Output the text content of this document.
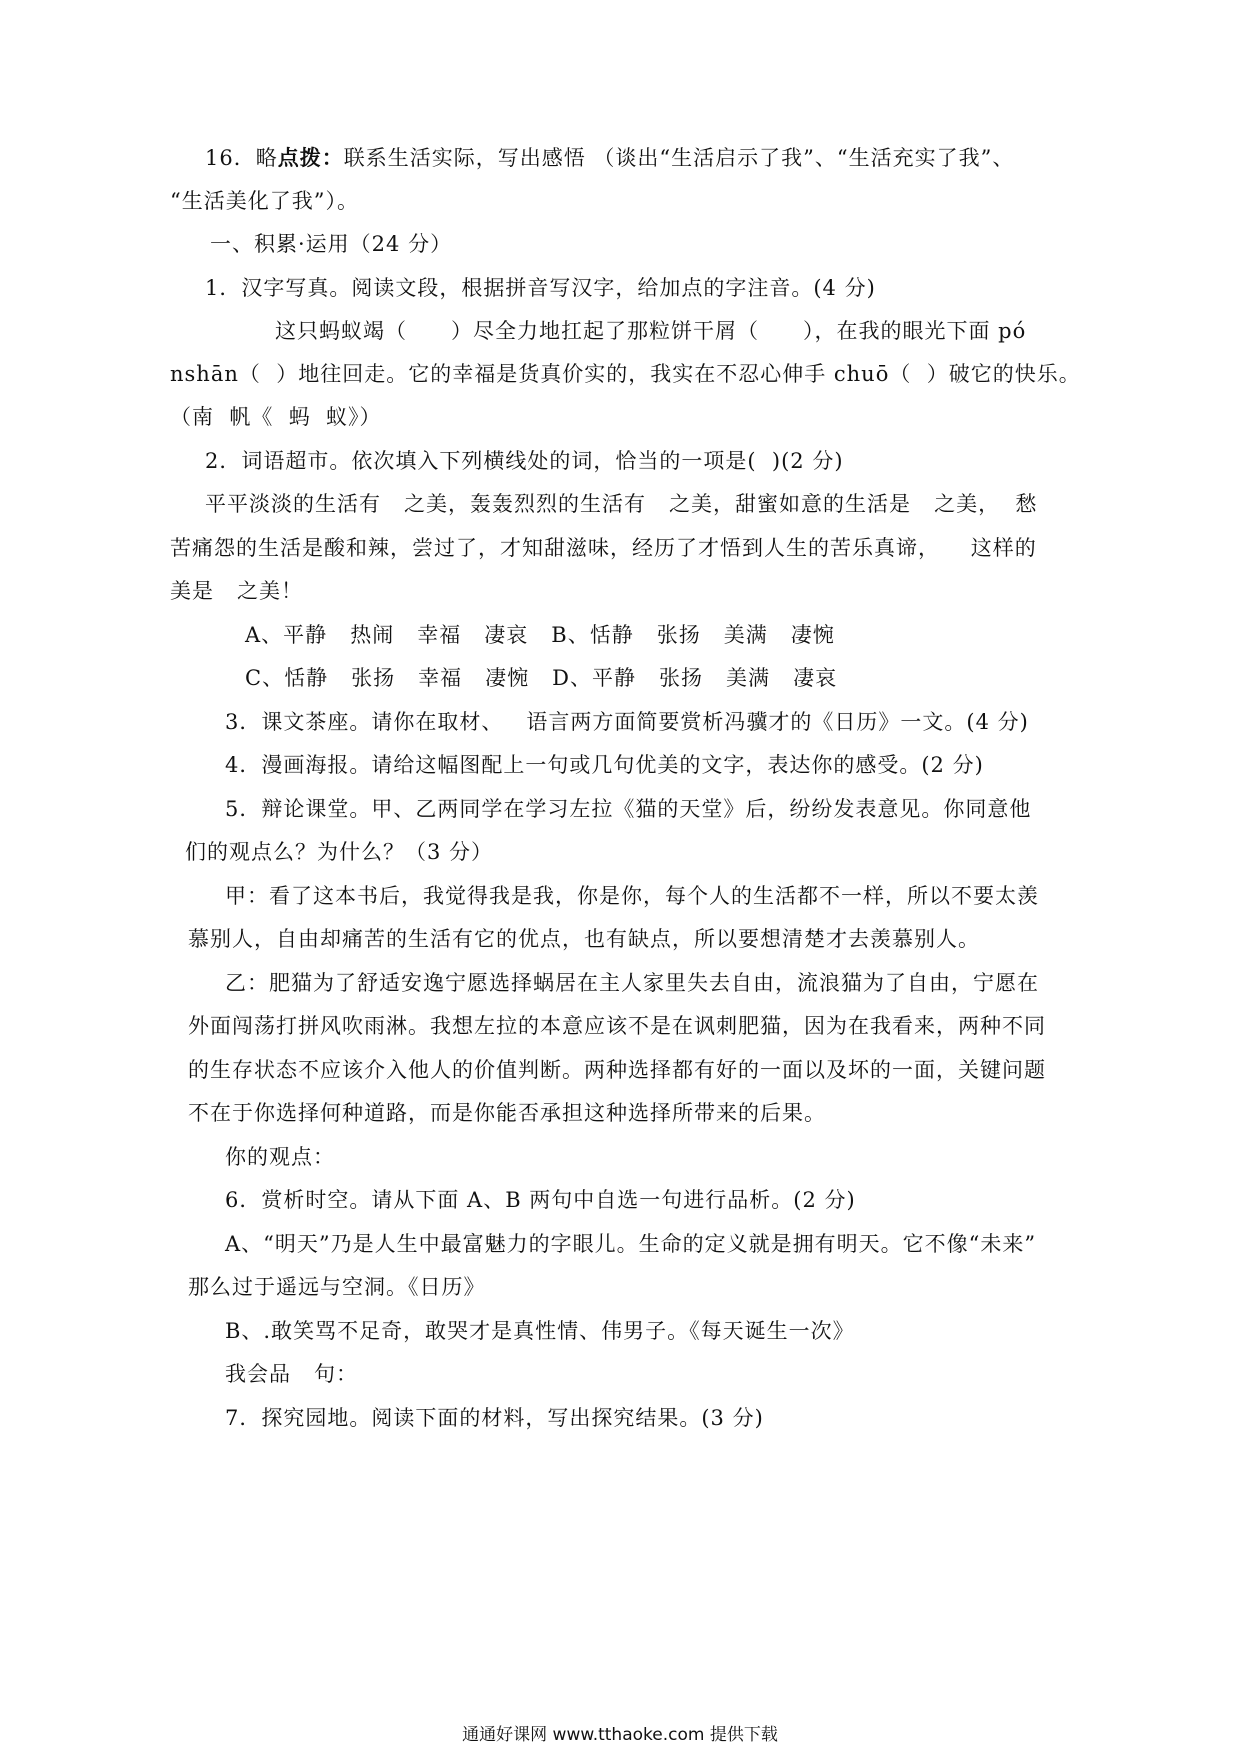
16．略点拨：联系生活实际，写出感悟 （谈出“生活启示了我”、“生活充实了我”、
“生活美化了我”）。
一、积累·运用（24 分）
1．汉字写真。阅读文段，根据拼音写汉字，给加点的字注音。(4 分)
这只蚂蚁竭（　　）尽全力地扛起了那粒饼干屑（　　），在我的眼光下面 pó
nshān（  ）地往回走。它的幸福是货真价实的，我实在不忍心伸手 chuō（  ）破它的快乐。
（南  帆《  蚂  蚁》）
2．词语超市。依次填入下列横线处的词，恰当的一项是(  )(2 分)
平平淡淡的生活有   之美，轰轰烈烈的生活有   之美，甜蜜如意的生活是   之美，  愁
苦痛怨的生活是酸和辣，尝过了，才知甜滋味，经历了才悟到人生的苦乐真谛，    这样的
美是   之美！
A、平静   热闹   幸福   凄哀   B、恬静   张扬   美满   凄惋
C、恬静   张扬   幸福   凄惋   D、平静   张扬   美满   凄哀
3．课文茶座。请你在取材、   语言两方面简要赏析冯骥才的《日历》一文。(4 分)
4．漫画海报。请给这幅图配上一句或几句优美的文字，表达你的感受。(2 分)
5．辩论课堂。甲、乙两同学在学习左拉《猫的天堂》后，纷纷发表意见。你同意他
们的观点么？为什么？（3 分）
甲：看了这本书后，我觉得我是我，你是你，每个人的生活都不一样，所以不要太羡
慕别人，自由却痛苦的生活有它的优点，也有缺点，所以要想清楚才去羡慕别人。
乙：肥猫为了舒适安逸宁愿选择蜗居在主人家里失去自由，流浪猫为了自由，宁愿在
外面闯荡打拼风吹雨淋。我想左拉的本意应该不是在讽刺肥猫，因为在我看来，两种不同
的生存状态不应该介入他人的价值判断。两种选择都有好的一面以及坏的一面，关键问题
不在于你选择何种道路，而是你能否承担这种选择所带来的后果。
你的观点：
6．赏析时空。请从下面 A、B 两句中自选一句进行品析。(2 分)
A、“明天”乃是人生中最富魅力的字眼儿。生命的定义就是拥有明天。它不像“未来”
那么过于遥远与空洞。《日历》
B、.敢笑骂不足奇，敢哭才是真性情、伟男子。《每天诞生一次》
我会品   句：
7．探究园地。阅读下面的材料，写出探究结果。(3 分)
通通好课网 www.tthaoke.com 提供下载
